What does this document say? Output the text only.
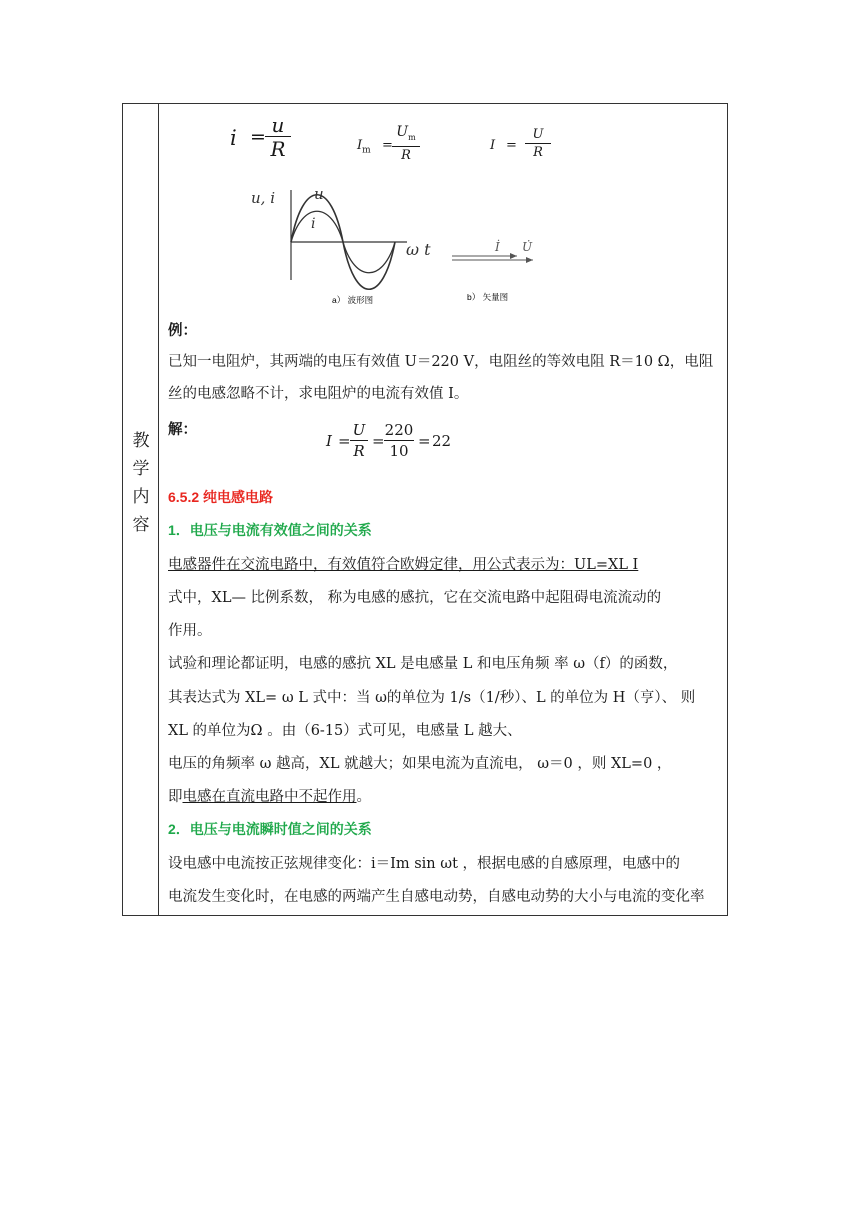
教
学
内
容
i = u
R	$I_m$ =
$U_m$
R
I =
U
R
u, i	u
i
ω t
a） 波形图
İ U̇
b） 矢量图
例：
已知一电阻炉，其两端的电压有效值 U＝220 V，电阻丝的等效电阻 R＝10 Ω，电阻
丝的电感忽略不计，求电阻炉的电流有效值 I。
解：
I =
U
R
=
220
10
= 22
6.5.2 纯电感电路
1．电压与电流有效值之间的关系
电感器件在交流电路中，有效值符合欧姆定律，用公式表示为：UL=XL I
式中，XL— 比例系数， 称为电感的感抗，它在交流电路中起阻碍电流流动的
作用。
试验和理论都证明，电感的感抗 XL 是电感量 L 和电压角频 率 ω（f）的函数，
其表达式为 XL= ω L 式中：当 ω的单位为 1/s（1/秒）、L 的单位为 H（亨）、 则
XL 的单位为Ω 。由（6-15）式可见，电感量 L 越大、
电压的角频率 ω 越高，XL 就越大；如果电流为直流电， ω＝0 ，则 XL=0 ，
即电感在直流电路中不起作用。
2．电压与电流瞬时值之间的关系
设电感中电流按正弦规律变化：i＝Im sin ωt ，根据电感的自感原理，电感中的
电流发生变化时，在电感的两端产生自感电动势，自感电动势的大小与电流的变化率
